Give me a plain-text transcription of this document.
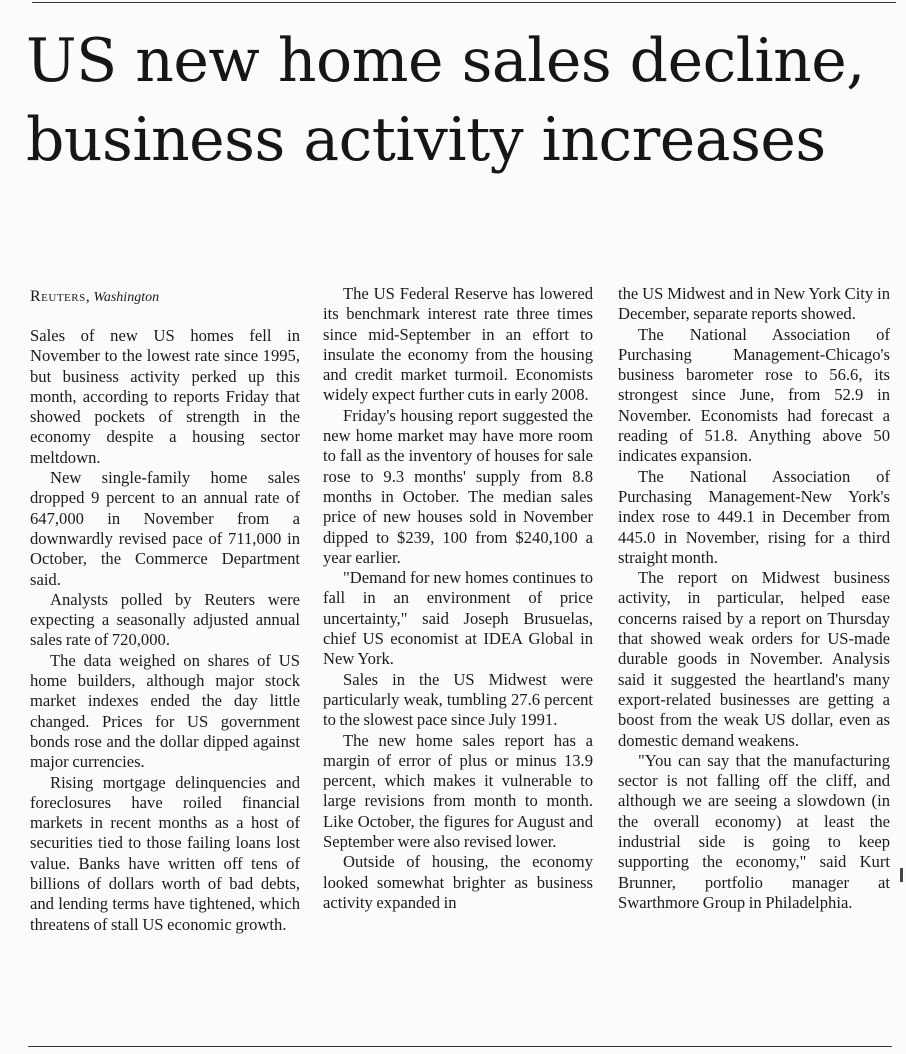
US new home sales decline, business activity increases
Reuters, Washington

Sales of new US homes fell in November to the lowest rate since 1995, but business activity perked up this month, according to reports Friday that showed pockets of strength in the economy despite a housing sector meltdown.

New single-family home sales dropped 9 percent to an annual rate of 647,000 in November from a downwardly revised pace of 711,000 in October, the Commerce Department said.

Analysts polled by Reuters were expecting a seasonally adjusted annual sales rate of 720,000.

The data weighed on shares of US home builders, although major stock market indexes ended the day little changed. Prices for US government bonds rose and the dollar dipped against major currencies.

Rising mortgage delinquencies and foreclosures have roiled financial markets in recent months as a host of securities tied to those failing loans lost value. Banks have written off tens of billions of dollars worth of bad debts, and lending terms have tightened, which threatens of stall US economic growth.

The US Federal Reserve has lowered its benchmark interest rate three times since mid-September in an effort to insulate the economy from the housing and credit market turmoil. Economists widely expect further cuts in early 2008.

Friday's housing report suggested the new home market may have more room to fall as the inventory of houses for sale rose to 9.3 months' supply from 8.8 months in October. The median sales price of new houses sold in November dipped to $239, 100 from $240,100 a year earlier.

"Demand for new homes continues to fall in an environment of price uncertainty," said Joseph Brusuelas, chief US economist at IDEA Global in New York.

Sales in the US Midwest were particularly weak, tumbling 27.6 percent to the slowest pace since July 1991.

The new home sales report has a margin of error of plus or minus 13.9 percent, which makes it vulnerable to large revisions from month to month. Like October, the figures for August and September were also revised lower.

Outside of housing, the economy looked somewhat brighter as business activity expanded in

the US Midwest and in New York City in December, separate reports showed.

The National Association of Purchasing Management-Chicago's business barometer rose to 56.6, its strongest since June, from 52.9 in November. Economists had forecast a reading of 51.8. Anything above 50 indicates expansion.

The National Association of Purchasing Management-New York's index rose to 449.1 in December from 445.0 in November, rising for a third straight month.

The report on Midwest business activity, in particular, helped ease concerns raised by a report on Thursday that showed weak orders for US-made durable goods in November. Analysis said it suggested the heartland's many export-related businesses are getting a boost from the weak US dollar, even as domestic demand weakens.

"You can say that the manufacturing sector is not falling off the cliff, and although we are seeing a slowdown (in the overall economy) at least the industrial side is going to keep supporting the economy," said Kurt Brunner, portfolio manager at Swarthmore Group in Philadelphia.
